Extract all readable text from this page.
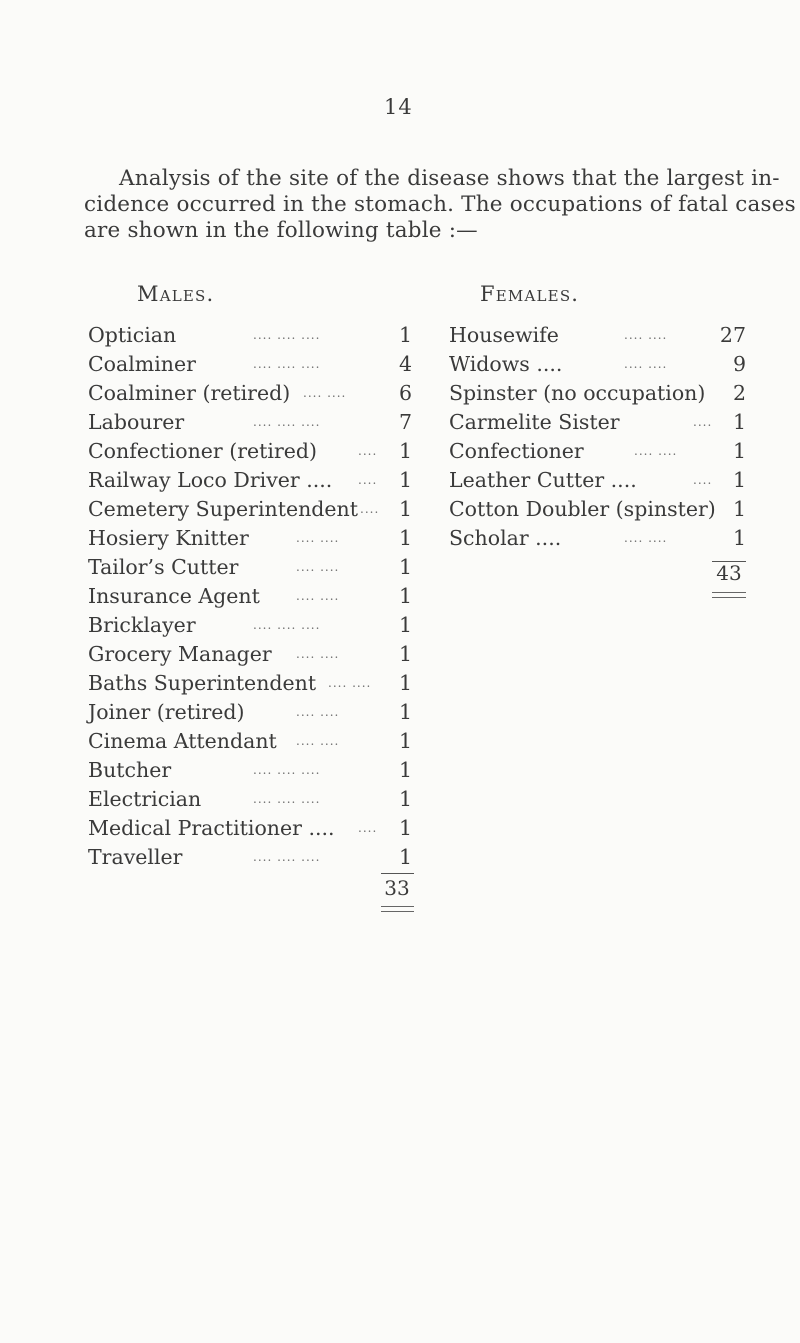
14
Analysis of the site of the disease shows that the largest in-
cidence occurred in the stomach. The occupations of fatal cases
are shown in the following table :—
Males.	Females.
Optician	.... .... ....	1
Coalminer	.... .... ....	4
Coalminer (retired) .... ....	6
Labourer	.... .... ....	7
Confectioner (retired)	.... 1
Railway Loco Driver .... .... 1
Cemetery Superintendent .... 1
Hosiery Knitter	.... ....	1
Tailor’s Cutter	.... ....	1
Insurance Agent	.... ....	1
Bricklayer	.... .... ....	1
Grocery Manager .... ....	1
Baths Superintendent .... .... 1
Joiner (retired)	.... ....	1
Cinema Attendant .... ....	1
Butcher	.... .... ....	1
Electrician	.... .... ....	1
Medical Practitioner .... .... 1
Traveller	.... .... ....	1
33
Housewife	.... ....	27
Widows ....	.... ....	9
Spinster (no occupation) 2
Carmelite Sister	.... 1
Confectioner	.... ....	1
Leather Cutter ....	.... 1
Cotton Doubler (spinster) 1
Scholar ....	.... ....	1
43
